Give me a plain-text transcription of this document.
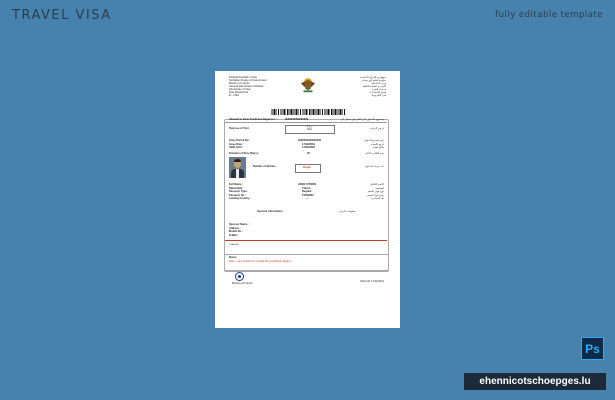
TRAVEL VISA	fully editable template
Federal Republic of Iraq
Kurdistan Region of Government
Ministry of Interior
General Directorate of Dawah
Directorate of Visa
Visa Department
E - VISA
جمهورية العراق الاتحادية
حكومة اقليم كوردستان
وزارة الداخلية
المديرية العامة للاقامة
مديرية الفيزا
قسم التأشيرات
فيزا الكترونية
Allowed to Enter Kurdistan Region to :	0000000000000000	مسموح بالدخول الى اقليم كوردستان الى
Purpose of Visit
زيارة
Visit	غرض الزيارة
Entry Permit No :	0000000000000000	رقم تصريح الدخول
Issue Date :	17/12/2019	تاريخ الاصدار
Valid Until :	17/03/2020	صالح لغاية
Duration of Stay (Days) :	30	مدة الاقامة بالايام
Number of Entries :	Single	عدد مرات الدخول
Full Name :	JOHN CITIZEN	الاسم الكامل
Nationality :	Citizen	الجنسية
Passport Type :	Regular	نوع جواز السفر
Passport No :	T0000000	رقم جواز السفر
Leaving Country :	—	بلد المغادرة
Sponsor Information	معلومات الراعي
Sponsor Name :
Address :
Mobile No :
E-Mail :
ملاحظات
Notes:
Note : copy of this form should bring Kurdistan Region
Ministry of Interior
DHO-0C 17/12/2019
Ps
ehennicotschoepges.lu
